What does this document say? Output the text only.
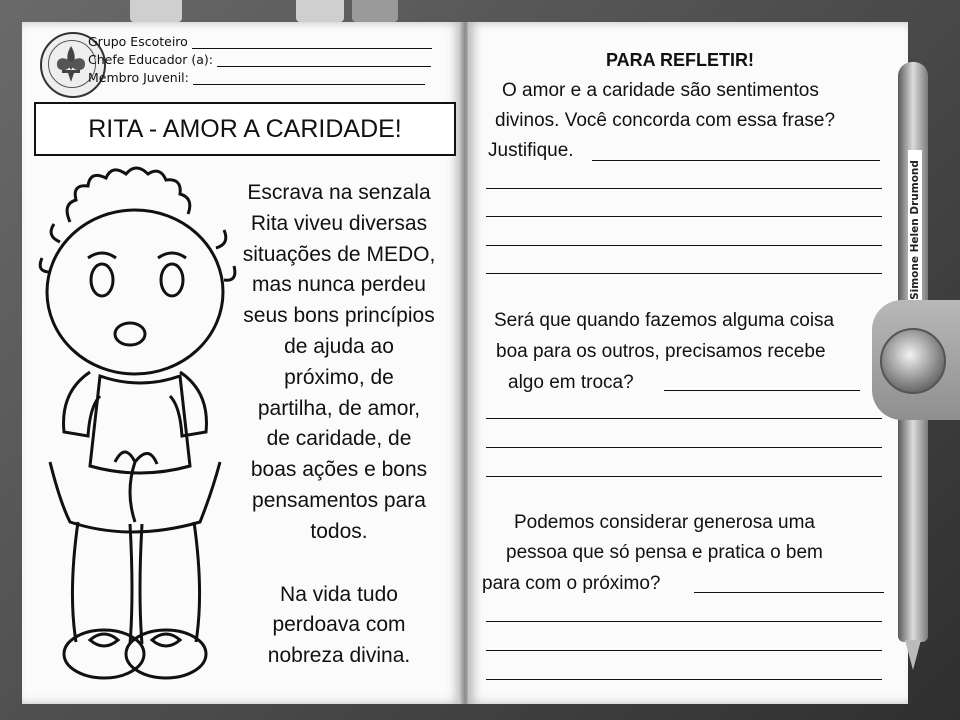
Grupo Escoteiro
Chefe Educador (a):
Membro Juvenil:
RITA - AMOR A CARIDADE!

Escrava na senzala

Rita viveu diversas

situações de MEDO,

mas nunca perdeu

seus bons princípios

de ajuda ao

próximo, de

partilha, de amor,

de caridade, de

boas ações e bons

pensamentos para

todos.

Na vida tudo

perdoava com

nobreza divina.

PARA REFLETIR!
O amor e a caridade são sentimentos
divinos. Você concorda com essa frase?
Justifique.
Será que quando fazemos alguma coisa
boa para os outros, precisamos recebe
algo em troca?
Podemos considerar generosa uma
pessoa que só pensa e pratica o bem
para com o próximo?
Simone Helen Drumond
